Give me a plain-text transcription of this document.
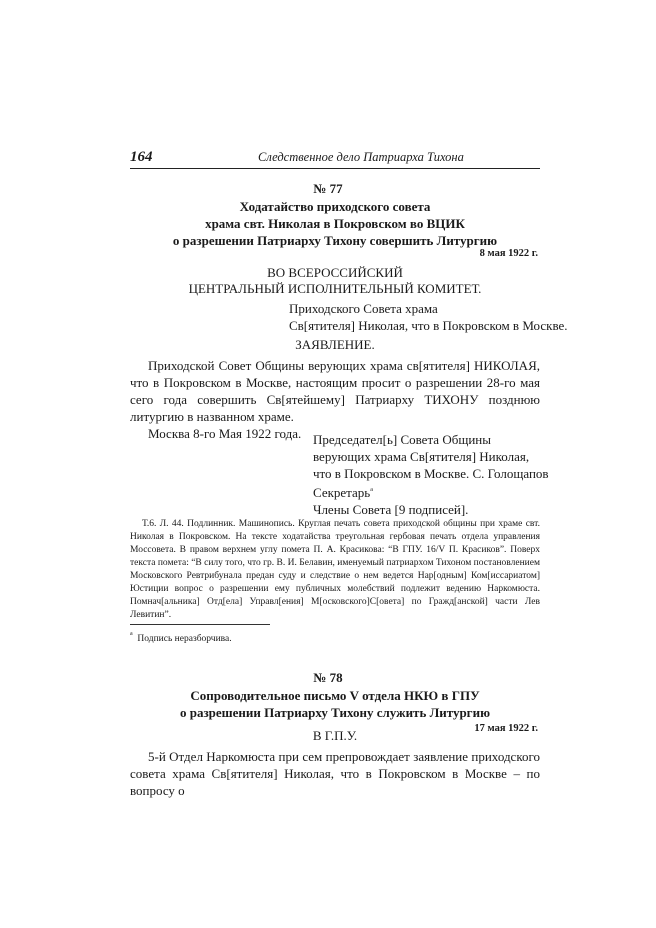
164	Следственное дело Патриарха Тихона
№ 77
Ходатайство приходского совета
храма свт. Николая в Покровском во ВЦИК
о разрешении Патриарху Тихону совершить Литургию
8 мая 1922 г.
ВО ВСЕРОССИЙСКИЙ
ЦЕНТРАЛЬНЫЙ ИСПОЛНИТЕЛЬНЫЙ КОМИТЕТ.
Приходского Совета храма
Св[ятителя] Николая, что в Покровском в Москве.
ЗАЯВЛЕНИЕ.
Приходской Совет Общины верующих храма св[ятителя] НИКОЛАЯ, что в Покровском в Москве, настоящим просит о разрешении 28-го мая сего года совершить Св[ятейшему] Патриарху ТИХОНУ позднюю литургию в названном храме.
Москва 8-го Мая 1922 года. Председател[ь] Совета Общины
верующих храма Св[ятителя] Николая,
что в Покровском в Москве. С. Голощапов
Секретарь$^а$
Члены Совета [9 подписей].
Т.6. Л. 44. Подлинник. Машинопись. Круглая печать совета приходской общины при храме свт. Николая в Покровском. На тексте ходатайства треугольная гербовая печать отдела управления Моссовета. В правом верхнем углу помета П. А. Красикова: “В ГПУ. 16/V П. Красиков”. Поверх текста помета: “В силу того, что гр. В. И. Белавин, именуемый патриархом Тихоном постановлением Московского Ревтрибунала предан суду и следствие о нем ведется Нар[одным] Ком[иссариатом] Юстиции вопрос о разрешении ему публичных молебствий подлежит ведению Наркомюста. Помнач[альника] Отд[ела] Управл[ения] М[осковского]С[овета] по Гражд[анской] части Лев Левитин”.
$^а$ Подпись неразборчива.
№ 78
Сопроводительное письмо V отдела НКЮ в ГПУ
о разрешении Патриарху Тихону служить Литургию
17 мая 1922 г.
В Г.П.У.
5-й Отдел Наркомюста при сем препровождает заявление приходского совета храма Св[ятителя] Николая, что в Покровском в Москве – по вопросу о
